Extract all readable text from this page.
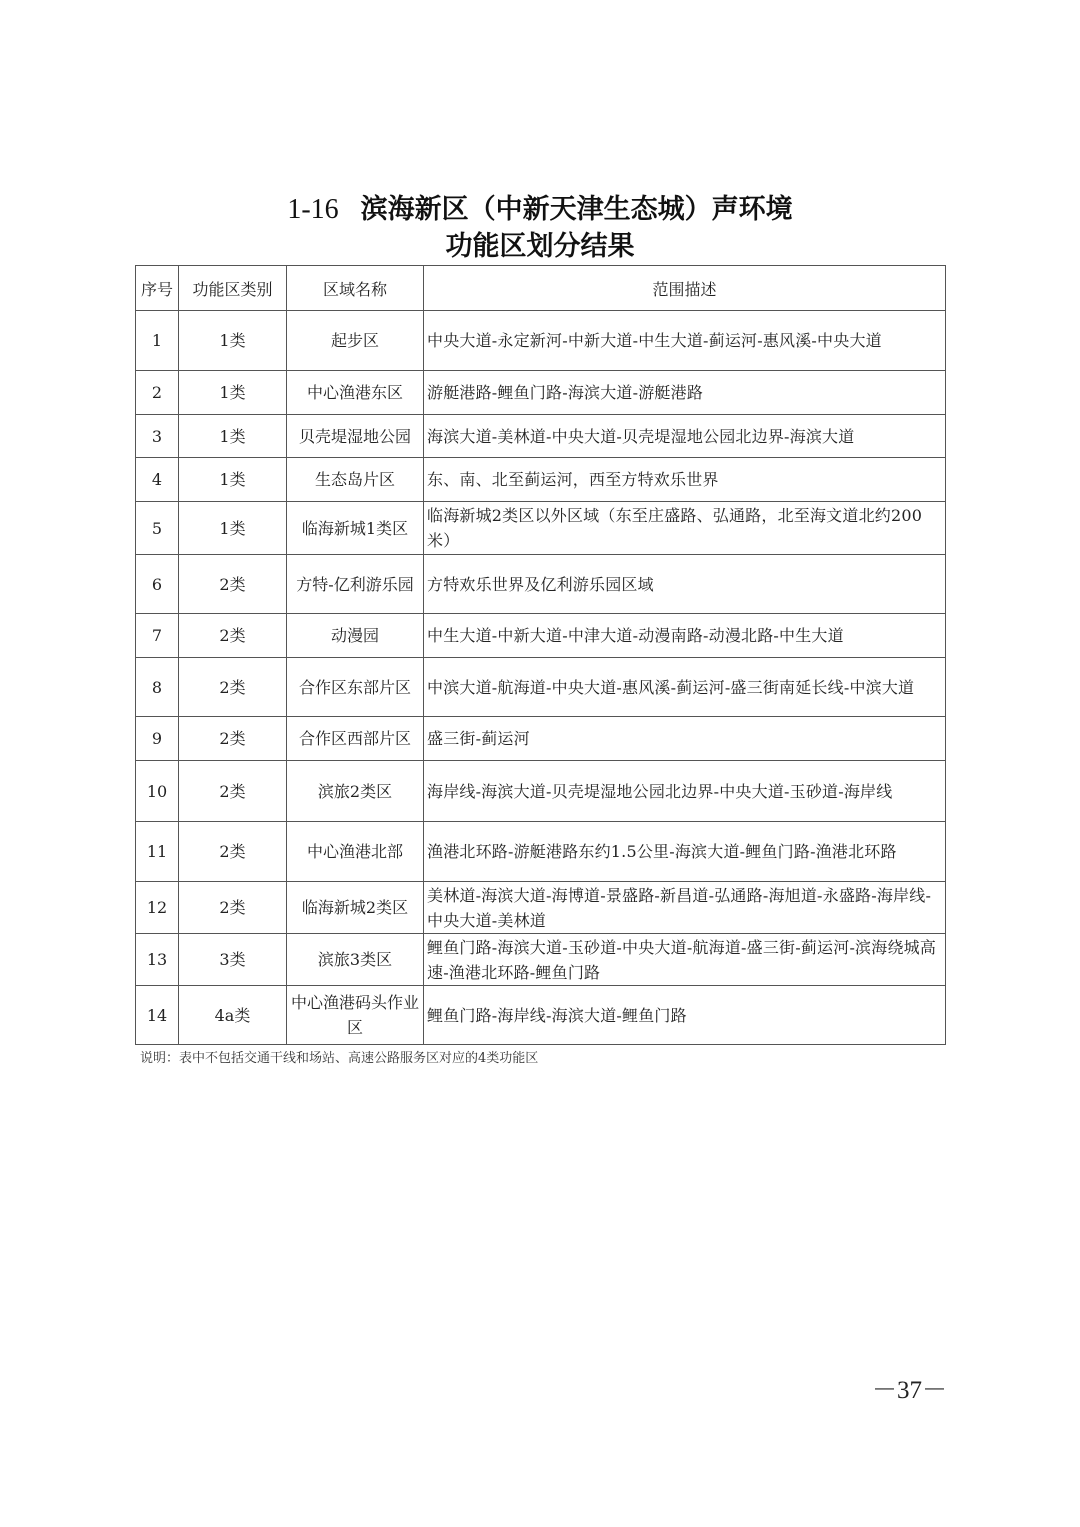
1-16 滨海新区（中新天津生态城）声环境
功能区划分结果
序号	功能区类别	区域名称	范围描述
1	1类	起步区	中央大道-永定新河-中新大道-中生大道-蓟运河-惠风溪-中央大道
2	1类	中心渔港东区	游艇港路-鲤鱼门路-海滨大道-游艇港路
3	1类	贝壳堤湿地公园	海滨大道-美林道-中央大道-贝壳堤湿地公园北边界-海滨大道
4	1类	生态岛片区	东、南、北至蓟运河，西至方特欢乐世界
5	1类	临海新城1类区	临海新城2类区以外区域（东至庄盛路、弘通路，北至海文道北约200米）
6	2类	方特-亿利游乐园	方特欢乐世界及亿利游乐园区域
7	2类	动漫园	中生大道-中新大道-中津大道-动漫南路-动漫北路-中生大道
8	2类	合作区东部片区	中滨大道-航海道-中央大道-惠风溪-蓟运河-盛三街南延长线-中滨大道
9	2类	合作区西部片区	盛三街-蓟运河
10	2类	滨旅2类区	海岸线-海滨大道-贝壳堤湿地公园北边界-中央大道-玉砂道-海岸线
11	2类	中心渔港北部	渔港北环路-游艇港路东约1.5公里-海滨大道-鲤鱼门路-渔港北环路
12	2类	临海新城2类区	美林道-海滨大道-海博道-景盛路-新昌道-弘通路-海旭道-永盛路-海岸线-中央大道-美林道
13	3类	滨旅3类区	鲤鱼门路-海滨大道-玉砂道-中央大道-航海道-盛三街-蓟运河-滨海绕城高速-渔港北环路-鲤鱼门路
14	4a类	中心渔港码头作业区	鲤鱼门路-海岸线-海滨大道-鲤鱼门路
说明：表中不包括交通干线和场站、高速公路服务区对应的4类功能区
－37－
